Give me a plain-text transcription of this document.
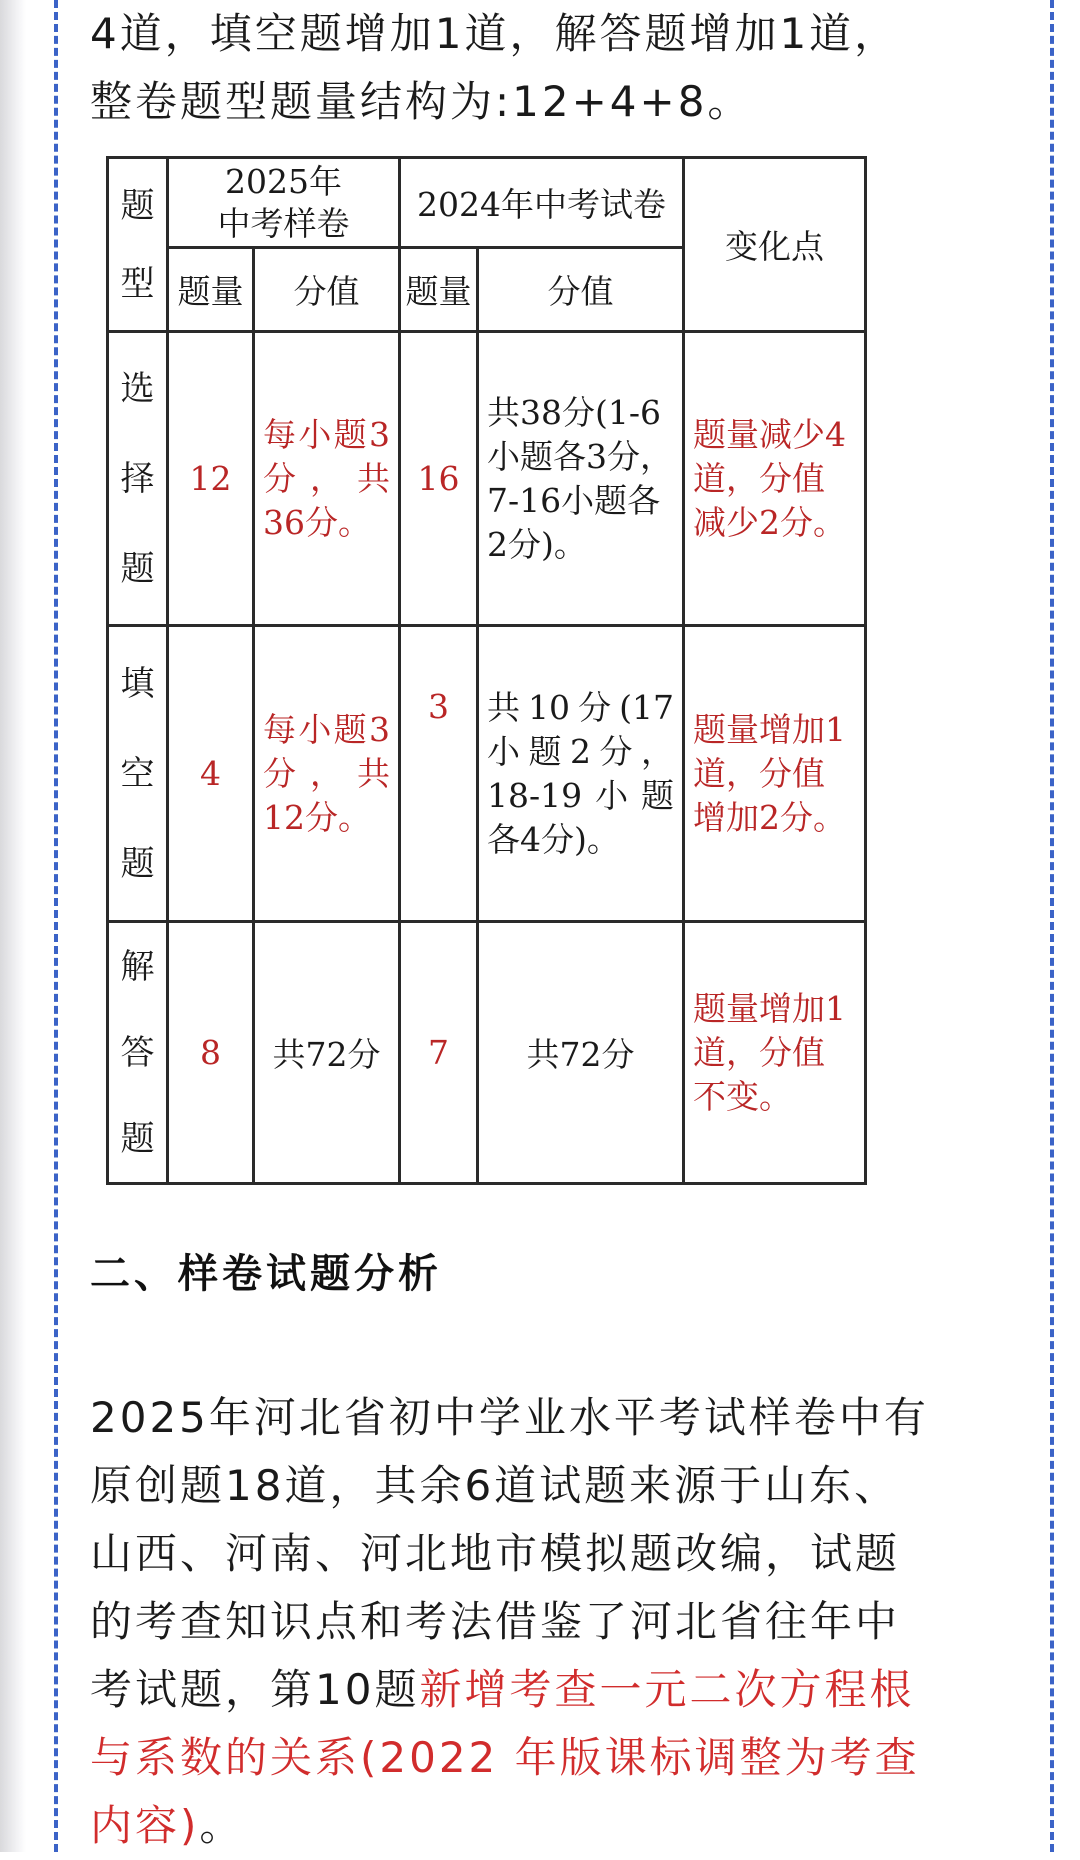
4道，填空题增加1道，解答题增加1道，
整卷题型题量结构为:12+4+8。
题型	2025年中考样卷		2024年中考试卷		变化点
	题量	分值	题量	分值	

选择题	12	每小题3分，共36分。	16	共38分(1-6小题各3分，7-16小题各2分)。	题量减少4道，分值减少2分。

填空题	4	每小题3分，共12分。	3	共10分(17小题2分，18-19小题各4分)。	题量增加1道，分值增加2分。

解答题	8	共72分	7	共72分	题量增加1道，分值不变。
二、样卷试题分析
2025年河北省初中学业水平考试样卷中有
原创题18道，其余6道试题来源于山东、
山西、河南、河北地市模拟题改编，试题
的考查知识点和考法借鉴了河北省往年中
考试题，第10题新增考查一元二次方程根
与系数的关系(2022 年版课标调整为考查
内容)。
